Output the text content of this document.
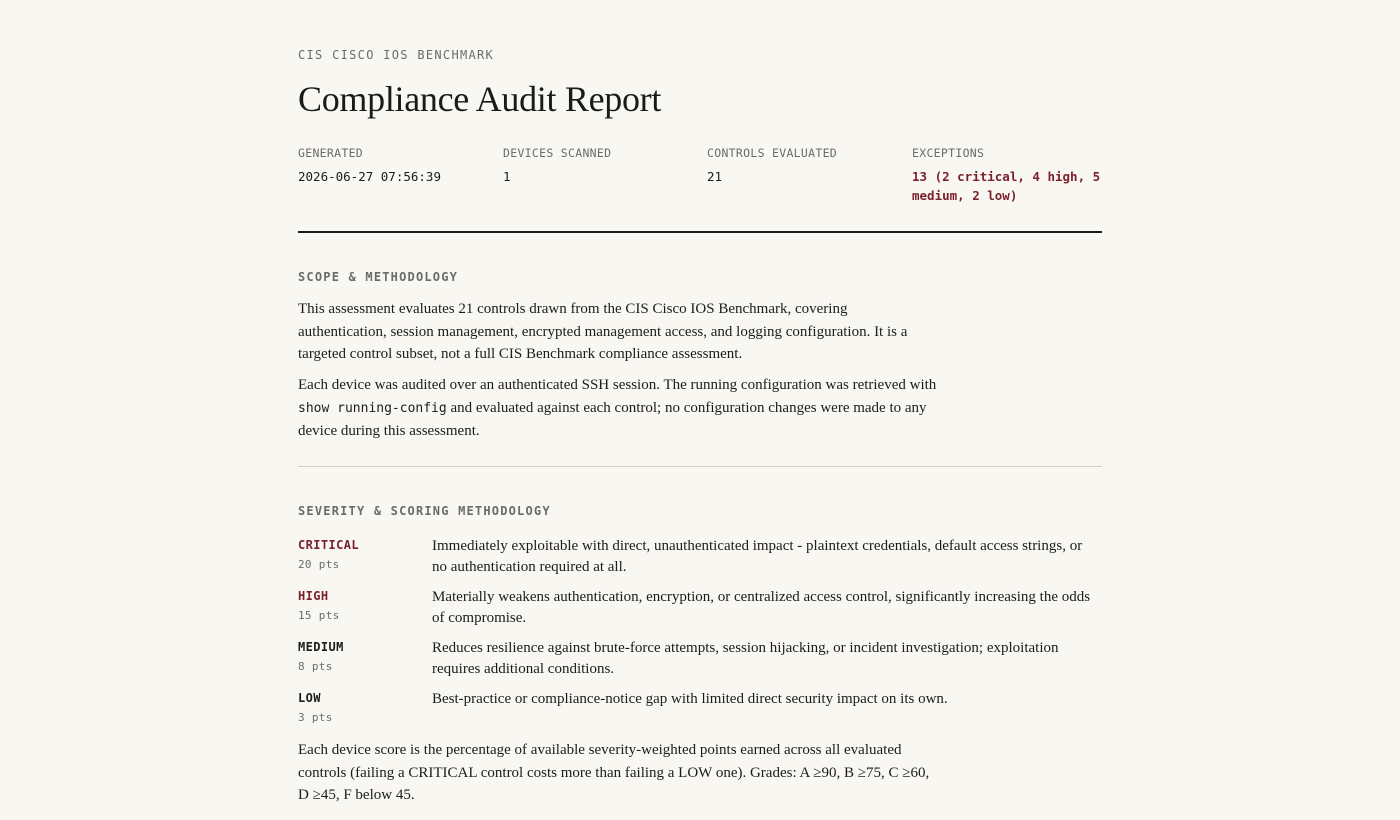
CIS CISCO IOS BENCHMARK
Compliance Audit Report
GENERATED
2026-06-27 07:56:39
DEVICES SCANNED
1
CONTROLS EVALUATED
21
EXCEPTIONS
13 (2 critical, 4 high, 5 medium, 2 low)
SCOPE & METHODOLOGY

This assessment evaluates 21 controls drawn from the CIS Cisco IOS Benchmark, covering authentication, session management, encrypted management access, and logging configuration. It is a targeted control subset, not a full CIS Benchmark compliance assessment.

Each device was audited over an authenticated SSH session. The running configuration was retrieved with show running-config and evaluated against each control; no configuration changes were made to any device during this assessment.

SEVERITY & SCORING METHODOLOGY
CRITICAL
20 pts
Immediately exploitable with direct, unauthenticated impact - plaintext credentials, default access strings, or no authentication required at all.
HIGH
15 pts
Materially weakens authentication, encryption, or centralized access control, significantly increasing the odds of compromise.
MEDIUM
8 pts
Reduces resilience against brute-force attempts, session hijacking, or incident investigation; exploitation requires additional conditions.
LOW
3 pts
Best-practice or compliance-notice gap with limited direct security impact on its own.

Each device score is the percentage of available severity-weighted points earned across all evaluated controls (failing a CRITICAL control costs more than failing a LOW one). Grades: A ≥90, B ≥75, C ≥60, D ≥45, F below 45.
